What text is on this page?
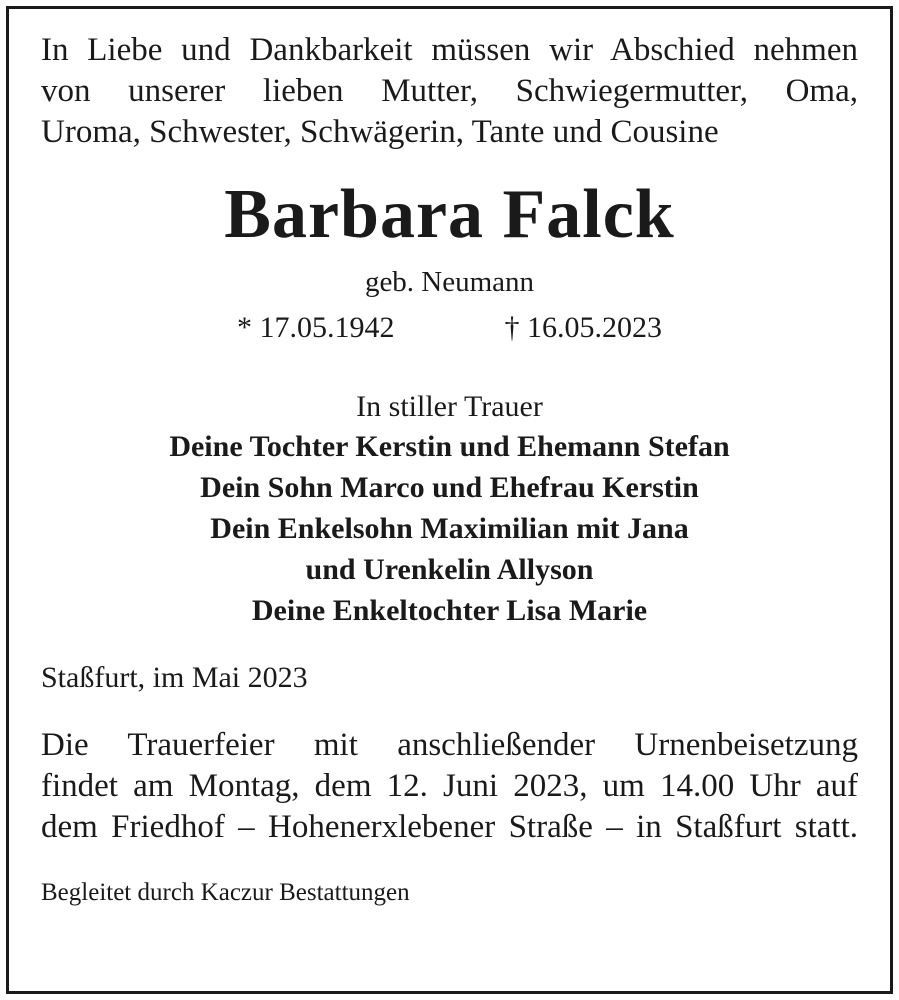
In Liebe und Dankbarkeit müssen wir Abschied nehmen
von unserer lieben Mutter, Schwiegermutter, Oma,
Uroma, Schwester, Schwägerin, Tante und Cousine

Barbara Falck

geb. Neumann

* 17.05.1942	† 16.05.2023

In stiller Trauer

Deine Tochter Kerstin und Ehemann Stefan
Dein Sohn Marco und Ehefrau Kerstin
Dein Enkelsohn Maximilian mit Jana
und Urenkelin Allyson
Deine Enkeltochter Lisa Marie

Staßfurt, im Mai 2023

Die Trauerfeier mit anschließender Urnenbeisetzung
findet am Montag, dem 12. Juni 2023, um 14.00 Uhr auf
dem Friedhof – Hohenerxlebener Straße – in Staßfurt statt.

Begleitet durch Kaczur Bestattungen
